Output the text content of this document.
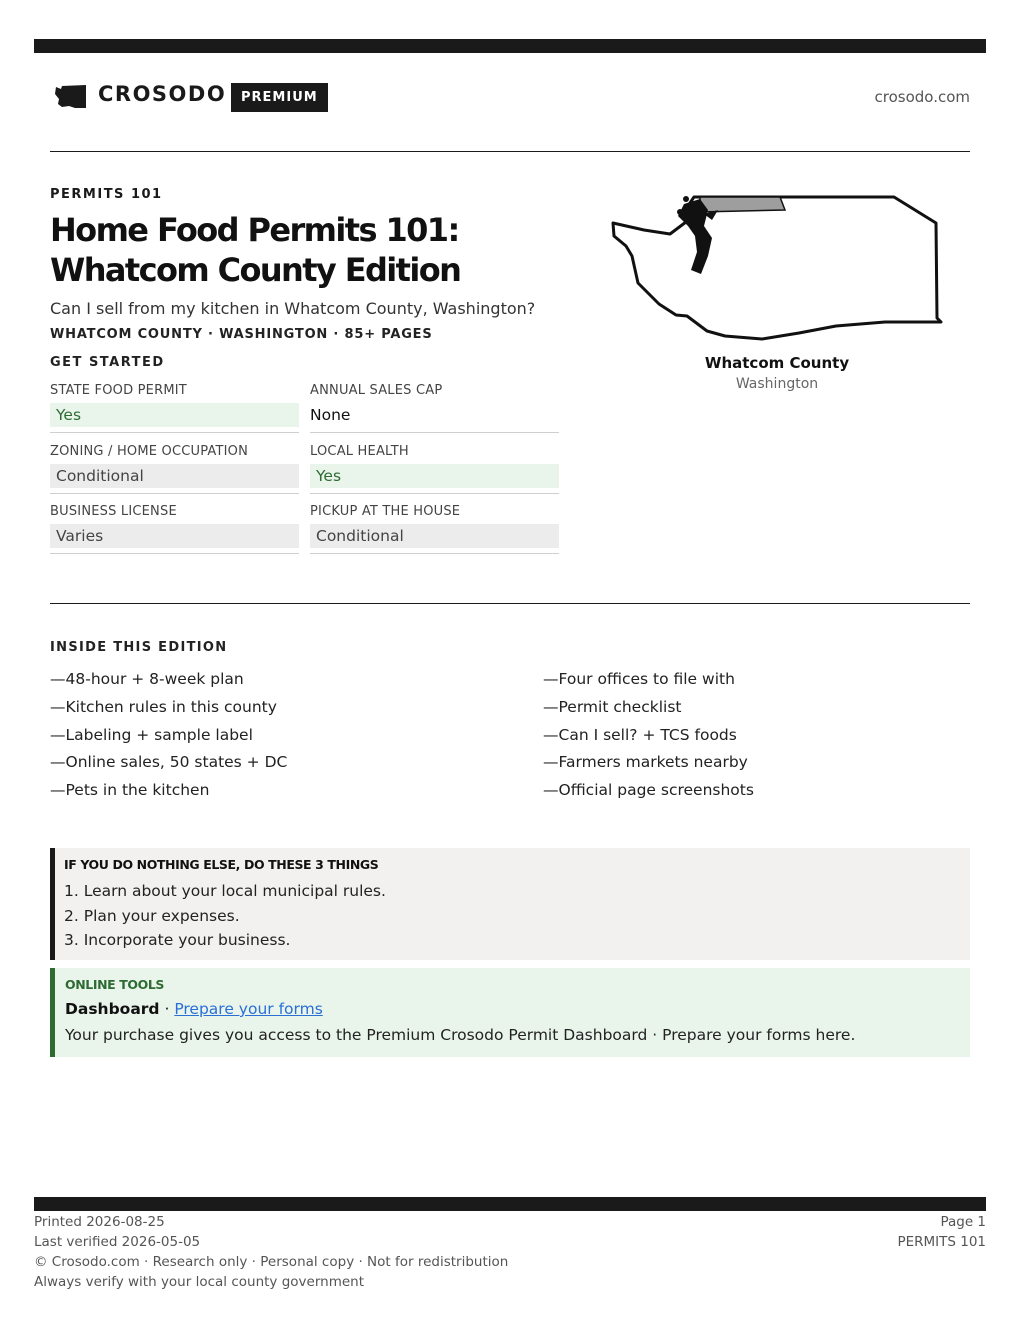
CROSODO	PREMIUM	crosodo.com
PERMITS 101
Home Food Permits 101:
Whatcom County Edition
Can I sell from my kitchen in Whatcom County, Washington?
WHATCOM COUNTY · WASHINGTON · 85+ PAGES
GET STARTED
STATE FOOD PERMIT
Yes
ANNUAL SALES CAP
None
ZONING / HOME OCCUPATION
Conditional
LOCAL HEALTH
Yes
BUSINESS LICENSE
Varies
PICKUP AT THE HOUSE
Conditional
Whatcom County
Washington
INSIDE THIS EDITION
—48-hour + 8-week plan
—Kitchen rules in this county
—Labeling + sample label
—Online sales, 50 states + DC
—Pets in the kitchen
—Four offices to file with
—Permit checklist
—Can I sell? + TCS foods
—Farmers markets nearby
—Official page screenshots
IF YOU DO NOTHING ELSE, DO THESE 3 THINGS
1. Learn about your local municipal rules.
2. Plan your expenses.
3. Incorporate your business.
ONLINE TOOLS
Dashboard · Prepare your forms
Your purchase gives you access to the Premium Crosodo Permit Dashboard · Prepare your forms here.
Printed 2026-08-25
Last verified 2026-05-05
© Crosodo.com · Research only · Personal copy · Not for redistribution
Always verify with your local county government
Page 1
PERMITS 101
